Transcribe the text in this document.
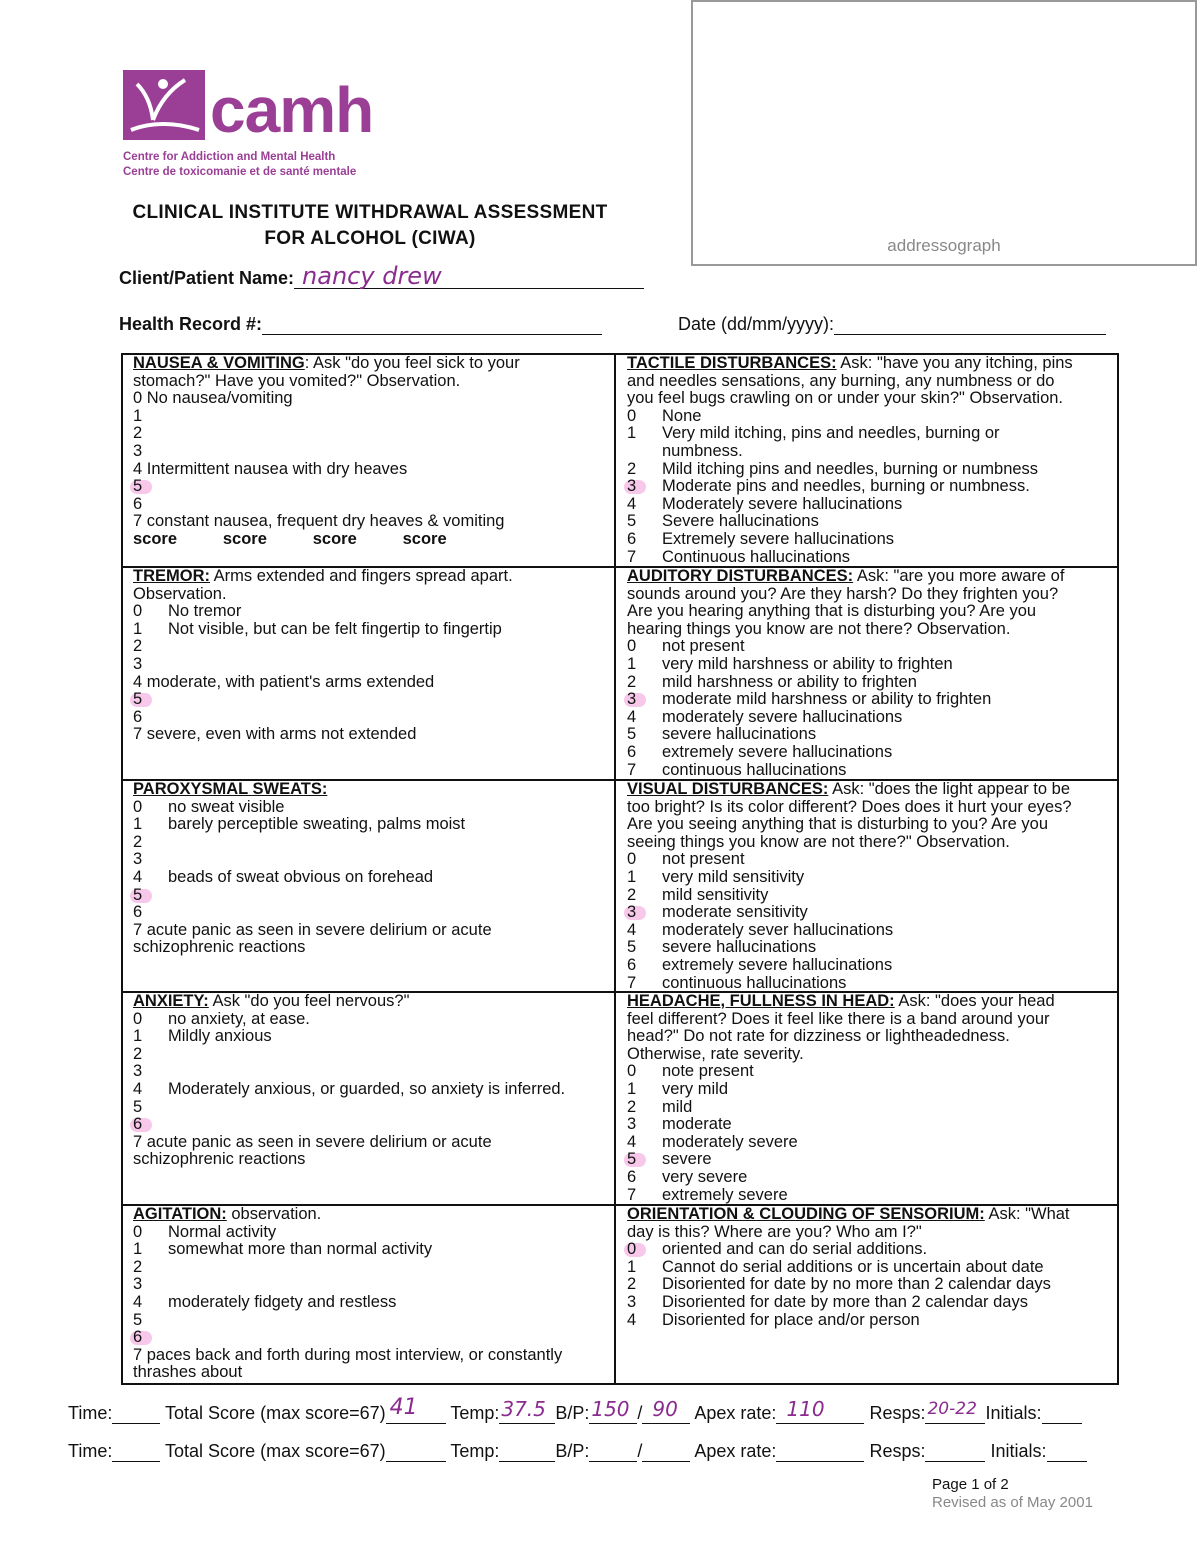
camh
Centre for Addiction and Mental Health
Centre de toxicomanie et de santé mentale
CLINICAL INSTITUTE WITHDRAWAL ASSESSMENT
FOR ALCOHOL (CIWA)	addressograph
Client/Patient Name: nancy drew
Health Record #:	Date (dd/mm/yyyy):
NAUSEA & VOMITING: Ask "do you feel sick to your
stomach?" Have you vomited?" Observation.
0 No nausea/vomiting
1
2
3
4 Intermittent nausea with dry heaves
5
6
7 constant nausea, frequent dry heaves & vomiting
score          score          score          score
TACTILE DISTURBANCES: Ask: "have you any itching, pins
and needles sensations, any burning, any numbness or do
you feel bugs crawling on or under your skin?" Observation.
0 None
1 Very mild itching, pins and needles, burning or
numbness.
2 Mild itching pins and needles, burning or numbness
3 Moderate pins and needles, burning or numbness.
4 Moderately severe hallucinations
5 Severe hallucinations
6 Extremely severe hallucinations
7 Continuous hallucinations
TREMOR: Arms extended and fingers spread apart.
Observation.
0 No tremor
1 Not visible, but can be felt fingertip to fingertip
2
3
4 moderate, with patient's arms extended
5
6
7 severe, even with arms not extended
AUDITORY DISTURBANCES: Ask: "are you more aware of
sounds around you? Are they harsh? Do they frighten you?
Are you hearing anything that is disturbing you? Are you
hearing things you know are not there? Observation.
0 not present
1 very mild harshness or ability to frighten
2 mild harshness or ability to frighten
3 moderate mild harshness or ability to frighten
4 moderately severe hallucinations
5 severe hallucinations
6 extremely severe hallucinations
7 continuous hallucinations
PAROXYSMAL SWEATS:
0 no sweat visible
1 barely perceptible sweating, palms moist
2
3
4 beads of sweat obvious on forehead
5
6
7 acute panic as seen in severe delirium or acute
schizophrenic reactions
VISUAL DISTURBANCES: Ask: "does the light appear to be
too bright? Is its color different? Does does it hurt your eyes?
Are you seeing anything that is disturbing to you? Are you
seeing things you know are not there?" Observation.
0 not present
1 very mild sensitivity
2 mild sensitivity
3 moderate sensitivity
4 moderately sever hallucinations
5 severe hallucinations
6 extremely severe hallucinations
7 continuous hallucinations
ANXIETY: Ask "do you feel nervous?"
0 no anxiety, at ease.
1 Mildly anxious
2
3
4 Moderately anxious, or guarded, so anxiety is inferred.
5
6
7 acute panic as seen in severe delirium or acute
schizophrenic reactions
HEADACHE, FULLNESS IN HEAD: Ask: "does your head
feel different? Does it feel like there is a band around your
head?" Do not rate for dizziness or lightheadedness.
Otherwise, rate severity.
0 note present
1 very mild
2 mild
3 moderate
4 moderately severe
5 severe
6 very severe
7 extremely severe
AGITATION: observation.
0 Normal activity
1 somewhat more than normal activity
2
3
4 moderately fidgety and restless
5
6
7 paces back and forth during most interview, or constantly
thrashes about
ORIENTATION & CLOUDING OF SENSORIUM: Ask: "What
day is this? Where are you? Who am I?"
0 oriented and can do serial additions.
1 Cannot do serial additions or is uncertain about date
2 Disoriented for date by no more than 2 calendar days
3 Disoriented for date by more than 2 calendar days
4 Disoriented for place and/or person
Time:	Total Score (max score=67) 41 Temp: 37.5 B/P: 150 / 90 Apex rate: 110 Resps: 20-22 Initials:
Time:	Total Score (max score=67)	Temp:	B/P:	/	Apex rate:	Resps:	Initials:
Page 1 of 2
Revised as of May 2001
